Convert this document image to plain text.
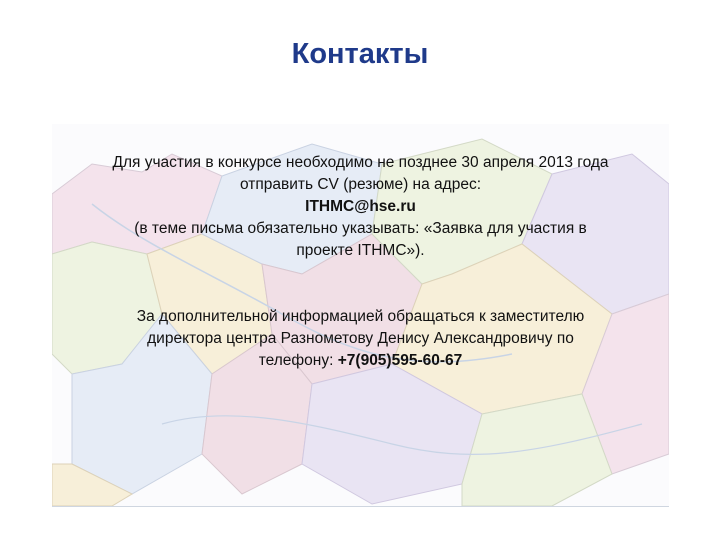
Контакты

Для участия в конкурсе необходимо не позднее 30 апреля 2013 года

отправить CV (резюме) на адрес:

ITHMC@hse.ru

(в теме письма обязательно указывать: «Заявка для участия в

проекте ITHMC»).

За дополнительной информацией обращаться к заместителю

директора центра Разнометову Денису Александровичу по

телефону: +7(905)595-60-67
